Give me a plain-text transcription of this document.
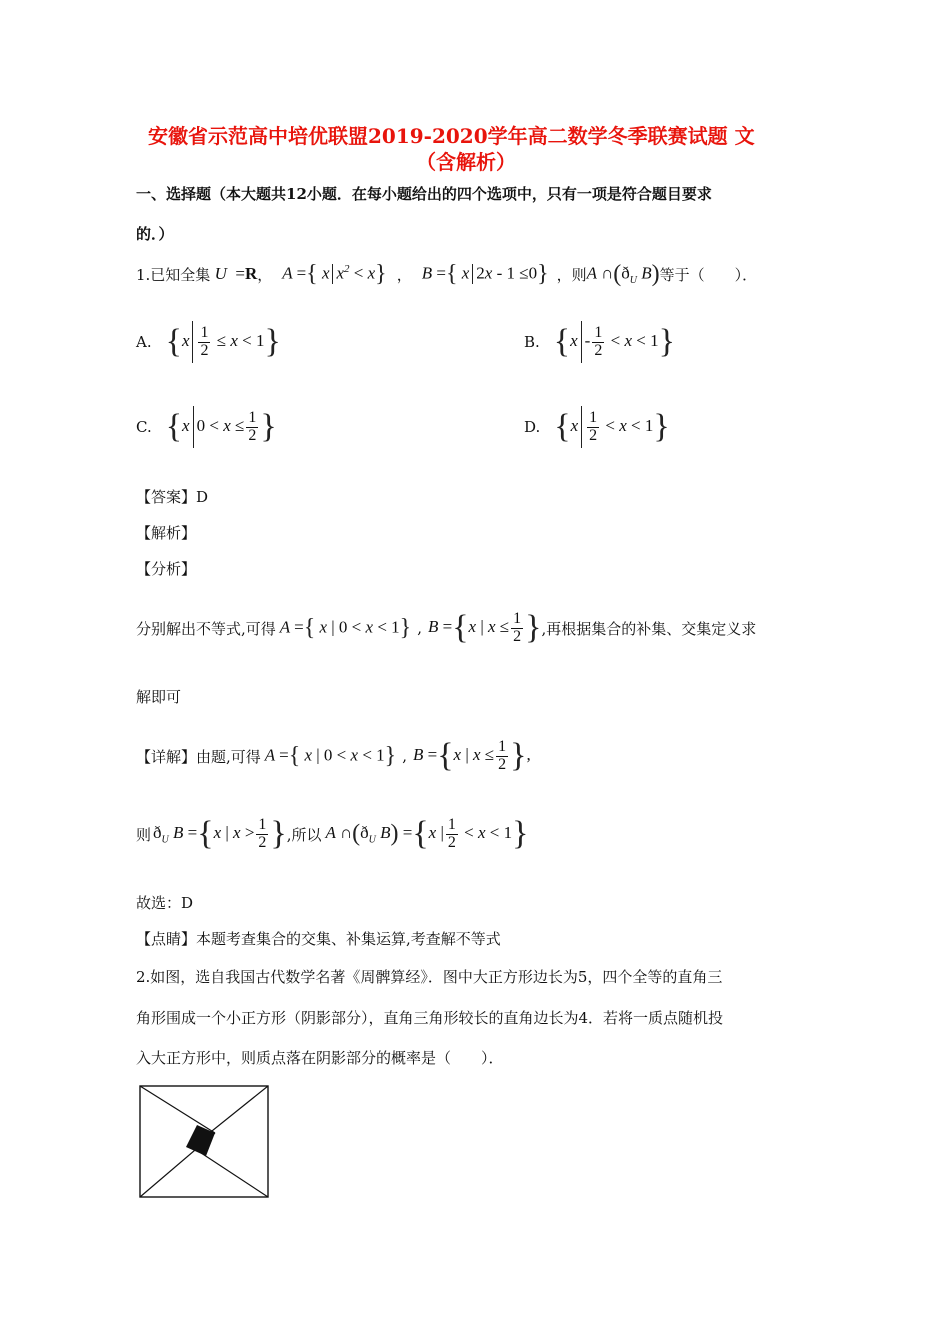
安徽省示范高中培优联盟2019-2020学年高二数学冬季联赛试题 文
（含解析）
一、选择题（本大题共12小题．在每小题给出的四个选项中，只有一项是符合题目要求
的．）
1.已知全集 U  =R ， A ={ x $x^2 < x$} ， B ={ x 2x - 1 ≤0} ，则 A $\cap(ð_U$ B) 等于（　　）．
A. $\{x \frac{1}{2} \le x < 1\}$	B. $\{x - \frac{1}{2} < x < 1\}$
C. {x $0 < x \le \frac{1}{2}$ }	D. $\{x \frac{1}{2} < x < 1\}$
【答案】D
【解析】
【分析】
分别解出不等式,可得 A ={ x | 0 < x < 1} , B ={x | $x \le \frac{1}{2}$ } ,再根据集合的补集、交集定义求
解即可
【详解】由题,可得 A ={ x | 0 < x < 1} , B ={x | $x \le \frac{1}{2}$ },
则 $ð_U$ B ={x | $x > \frac{1}{2}$ } ,所以 A $\cap(ð_U$ B) ={x | $\frac{1}{2} < x < 1$}
故选：D
【点睛】本题考查集合的交集、补集运算,考查解不等式
2.如图，选自我国古代数学名著《周髀算经》．图中大正方形边长为5，四个全等的直角三
角形围成一个小正方形（阴影部分），直角三角形较长的直角边长为4．若将一质点随机投
入大正方形中，则质点落在阴影部分的概率是（　　）．
